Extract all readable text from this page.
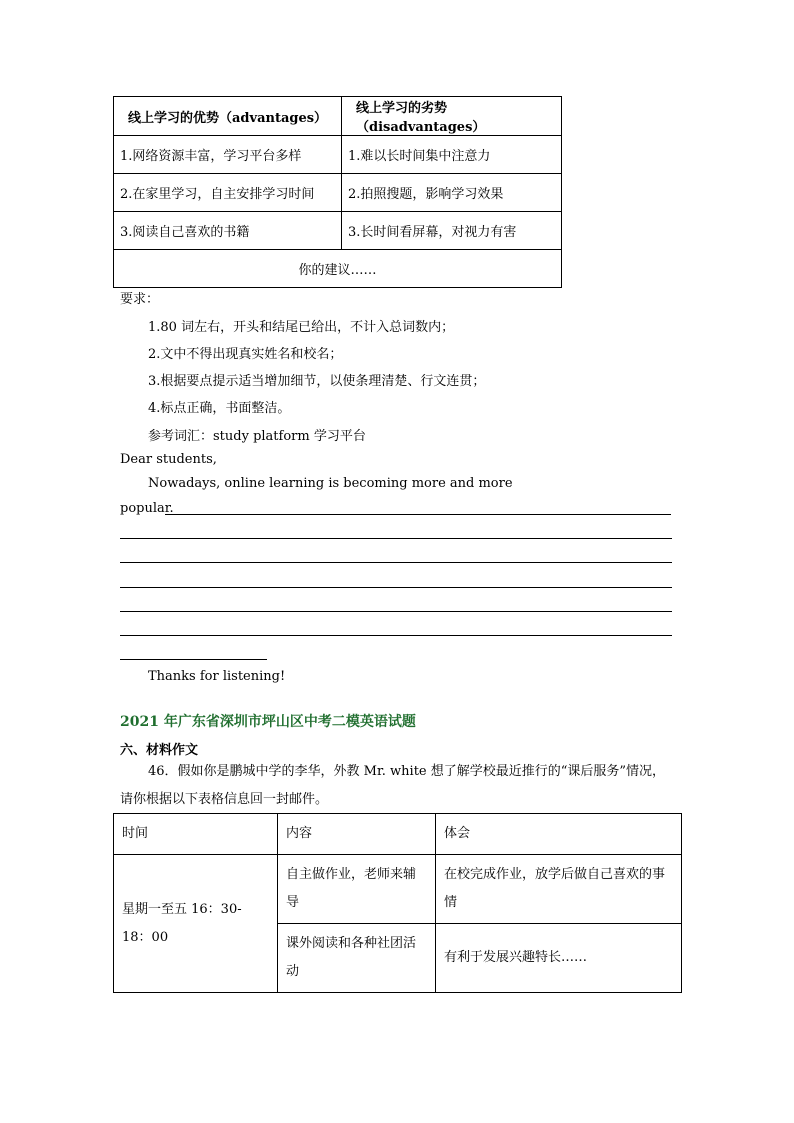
线上学习的优势（advantages）	线上学习的劣势（disadvantages）
1.网络资源丰富，学习平台多样	1.难以长时间集中注意力
2.在家里学习，自主安排学习时间	2.拍照搜题，影响学习效果
3.阅读自己喜欢的书籍	3.长时间看屏幕，对视力有害
你的建议……	
要求：
1.80 词左右，开头和结尾已给出，不计入总词数内；
2.文中不得出现真实姓名和校名；
3.根据要点提示适当增加细节，以使条理清楚、行文连贯；
4.标点正确，书面整洁。
参考词汇：study platform 学习平台
Dear students,
Nowadays, online learning is becoming more and more
popular.
Thanks for listening!
2021 年广东省深圳市坪山区中考二模英语试题
六、材料作文
46．假如你是鹏城中学的李华，外教 Mr. white 想了解学校最近推行的“课后服务”情况，
请你根据以下表格信息回一封邮件。
时间	内容	体会
星期一至五 16：30-18：00	自主做作业，老师来辅导	在校完成作业，放学后做自己喜欢的事情
	课外阅读和各种社团活动	有利于发展兴趣特长……
